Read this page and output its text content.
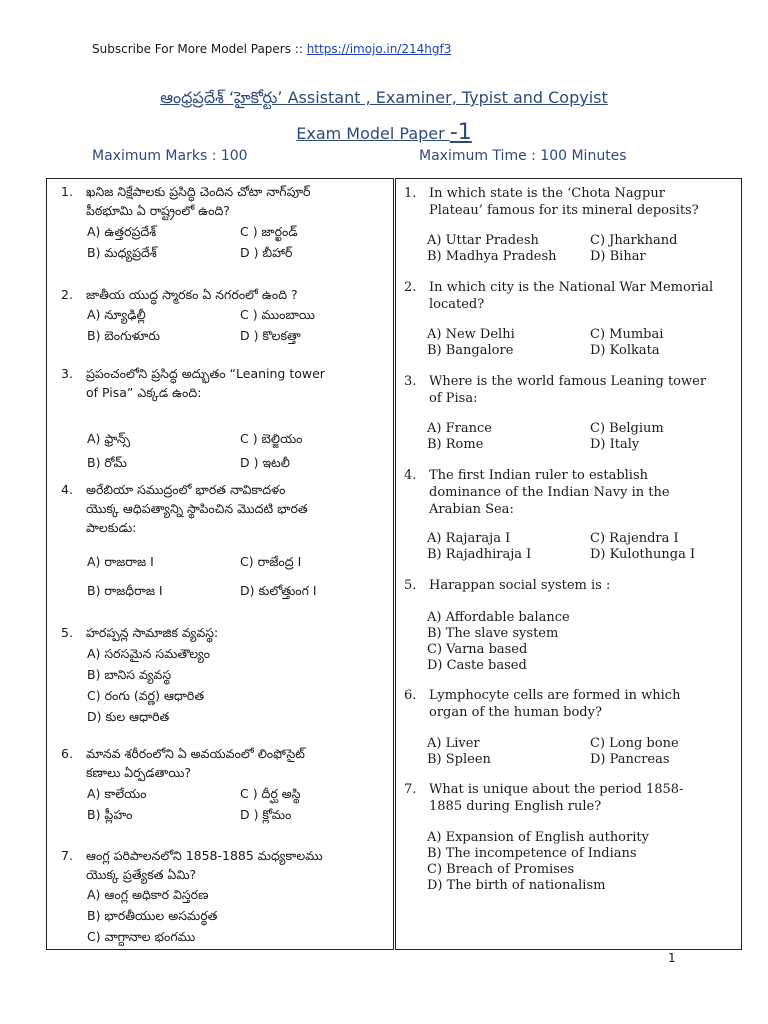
Subscribe For More Model Papers :: https://imojo.in/214hgf3
ఆంధ్రప్రదేశ్ ‘హైకోర్టు’ Assistant , Examiner, Typist and Copyist
Exam Model Paper -1
Maximum Marks : 100	Maximum Time : 100 Minutes
1. ఖనిజ నిక్షేపాలకు ప్రసిద్ధి చెందిన చోటా నాగ్‌పూర్
పీఠభూమి ఏ రాష్ట్రంలో ఉంది?
A) ఉత్తరప్రదేశ్	C ) జార్ఖండ్
B) మధ్యప్రదేశ్	D ) బీహార్
2. జాతీయ యుద్ధ స్మారకం ఏ నగరంలో ఉంది ?
A) న్యూఢిల్లీ	C ) ముంబాయి
B) బెంగుళూరు	D ) కొలకత్తా
3. ప్రపంచంలోని ప్రసిద్ధ అద్భుతం “Leaning tower
of Pisa” ఎక్కడ ఉంది:
A) ఫ్రాన్స్	C ) బెల్జియం
B) రోమ్	D ) ఇటలీ
4. అరేబియా సముద్రంలో భారత నావికాదళం
యొక్క ఆధిపత్యాన్ని స్థాపించిన మొదటి భారత
పాలకుడు:
A) రాజరాజ I	C) రాజేంద్ర I
B) రాజధీరాజ I	D) కులోత్తుంగ I
5. హరప్పన్ల సామాజిక వ్యవస్థ:
A) సరసమైన సమతౌల్యం
B) బానిస వ్యవస్థ
C) రంగు (వర్ణ) ఆధారిత
D) కుల ఆధారిత
6. మానవ శరీరంలోని ఏ అవయవంలో లింఫోసైట్
కణాలు ఏర్పడతాయి?
A) కాలేయం	C ) దీర్ఘ అస్థి
B) ప్లీహం	D ) క్లోమం
7. ఆంగ్ల పరిపాలనలోని 1858-1885 మధ్యకాలము
యొక్క ప్రత్యేకత ఏమి?
A) ఆంగ్ల అధికార విస్తరణ
B) భారతీయుల అసమర్థత
C) వాగ్దానాల భంగము
1. In which state is the ‘Chota Nagpur
Plateau’ famous for its mineral deposits?
A) Uttar Pradesh	C) Jharkhand
B) Madhya Pradesh	D) Bihar
2. In which city is the National War Memorial
located?
A) New Delhi	C) Mumbai
B) Bangalore	D) Kolkata
3. Where is the world famous Leaning tower
of Pisa:
A) France	C) Belgium
B) Rome	D) Italy
4. The first Indian ruler to establish
dominance of the Indian Navy in the
Arabian Sea:
A) Rajaraja I	C) Rajendra I
B) Rajadhiraja I	D) Kulothunga I
5. Harappan social system is :
A) Affordable balance
B) The slave system
C) Varna based
D) Caste based
6. Lymphocyte cells are formed in which
organ of the human body?
A) Liver	C) Long bone
B) Spleen	D) Pancreas
7. What is unique about the period 1858-
1885 during English rule?
A) Expansion of English authority
B) The incompetence of Indians
C) Breach of Promises
D) The birth of nationalism
1
